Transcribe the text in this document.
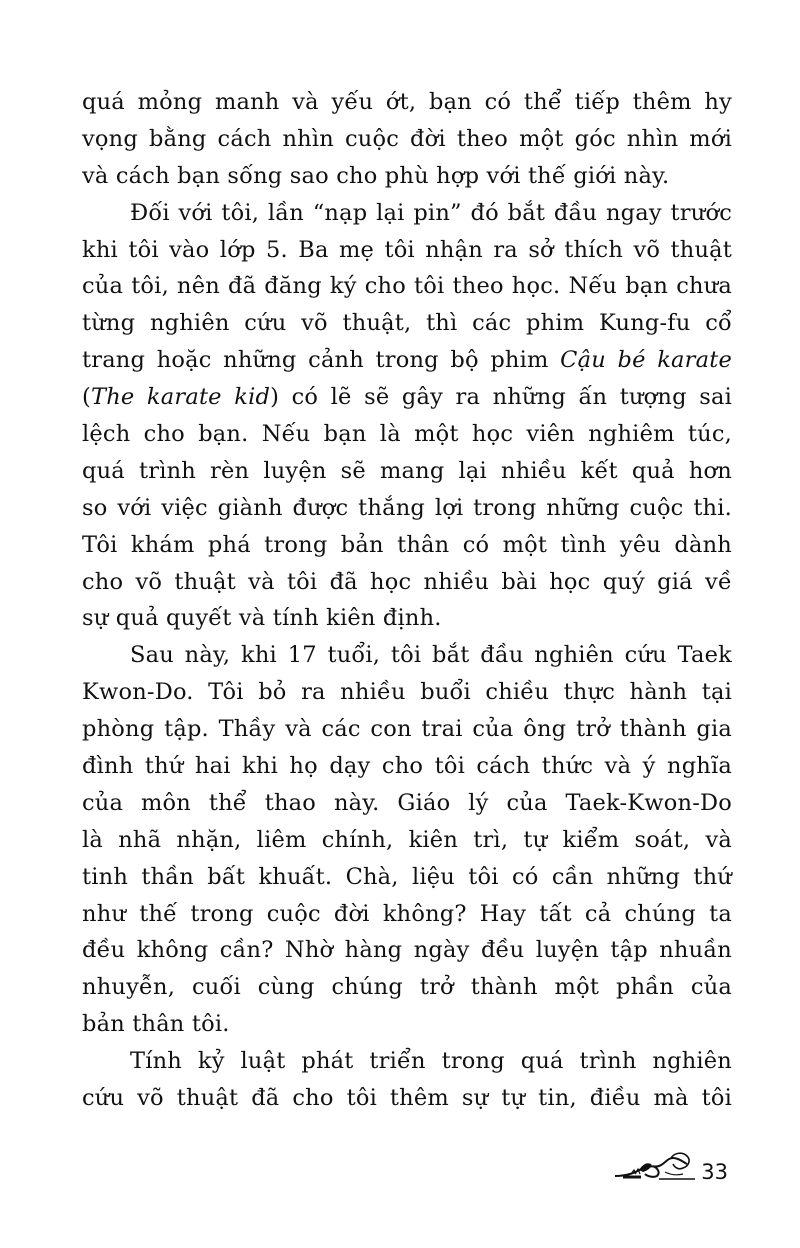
quá mỏng manh và yếu ớt, bạn có thể tiếp thêm hy
vọng bằng cách nhìn cuộc đời theo một góc nhìn mới
và cách bạn sống sao cho phù hợp với thế giới này.
Đối với tôi, lần “nạp lại pin” đó bắt đầu ngay trước
khi tôi vào lớp 5. Ba mẹ tôi nhận ra sở thích võ thuật
của tôi, nên đã đăng ký cho tôi theo học. Nếu bạn chưa
từng nghiên cứu võ thuật, thì các phim Kung-fu cổ
trang hoặc những cảnh trong bộ phim Cậu bé karate
(The karate kid) có lẽ sẽ gây ra những ấn tượng sai
lệch cho bạn. Nếu bạn là một học viên nghiêm túc,
quá trình rèn luyện sẽ mang lại nhiều kết quả hơn
so với việc giành được thắng lợi trong những cuộc thi.
Tôi khám phá trong bản thân có một tình yêu dành
cho võ thuật và tôi đã học nhiều bài học quý giá về
sự quả quyết và tính kiên định.
Sau này, khi 17 tuổi, tôi bắt đầu nghiên cứu Taek
Kwon-Do. Tôi bỏ ra nhiều buổi chiều thực hành tại
phòng tập. Thầy và các con trai của ông trở thành gia
đình thứ hai khi họ dạy cho tôi cách thức và ý nghĩa
của môn thể thao này. Giáo lý của Taek-Kwon-Do
là nhã nhặn, liêm chính, kiên trì, tự kiểm soát, và
tinh thần bất khuất. Chà, liệu tôi có cần những thứ
như thế trong cuộc đời không? Hay tất cả chúng ta
đều không cần? Nhờ hàng ngày đều luyện tập nhuần
nhuyễn, cuối cùng chúng trở thành một phần của
bản thân tôi.
Tính kỷ luật phát triển trong quá trình nghiên
cứu võ thuật đã cho tôi thêm sự tự tin, điều mà tôi
33
